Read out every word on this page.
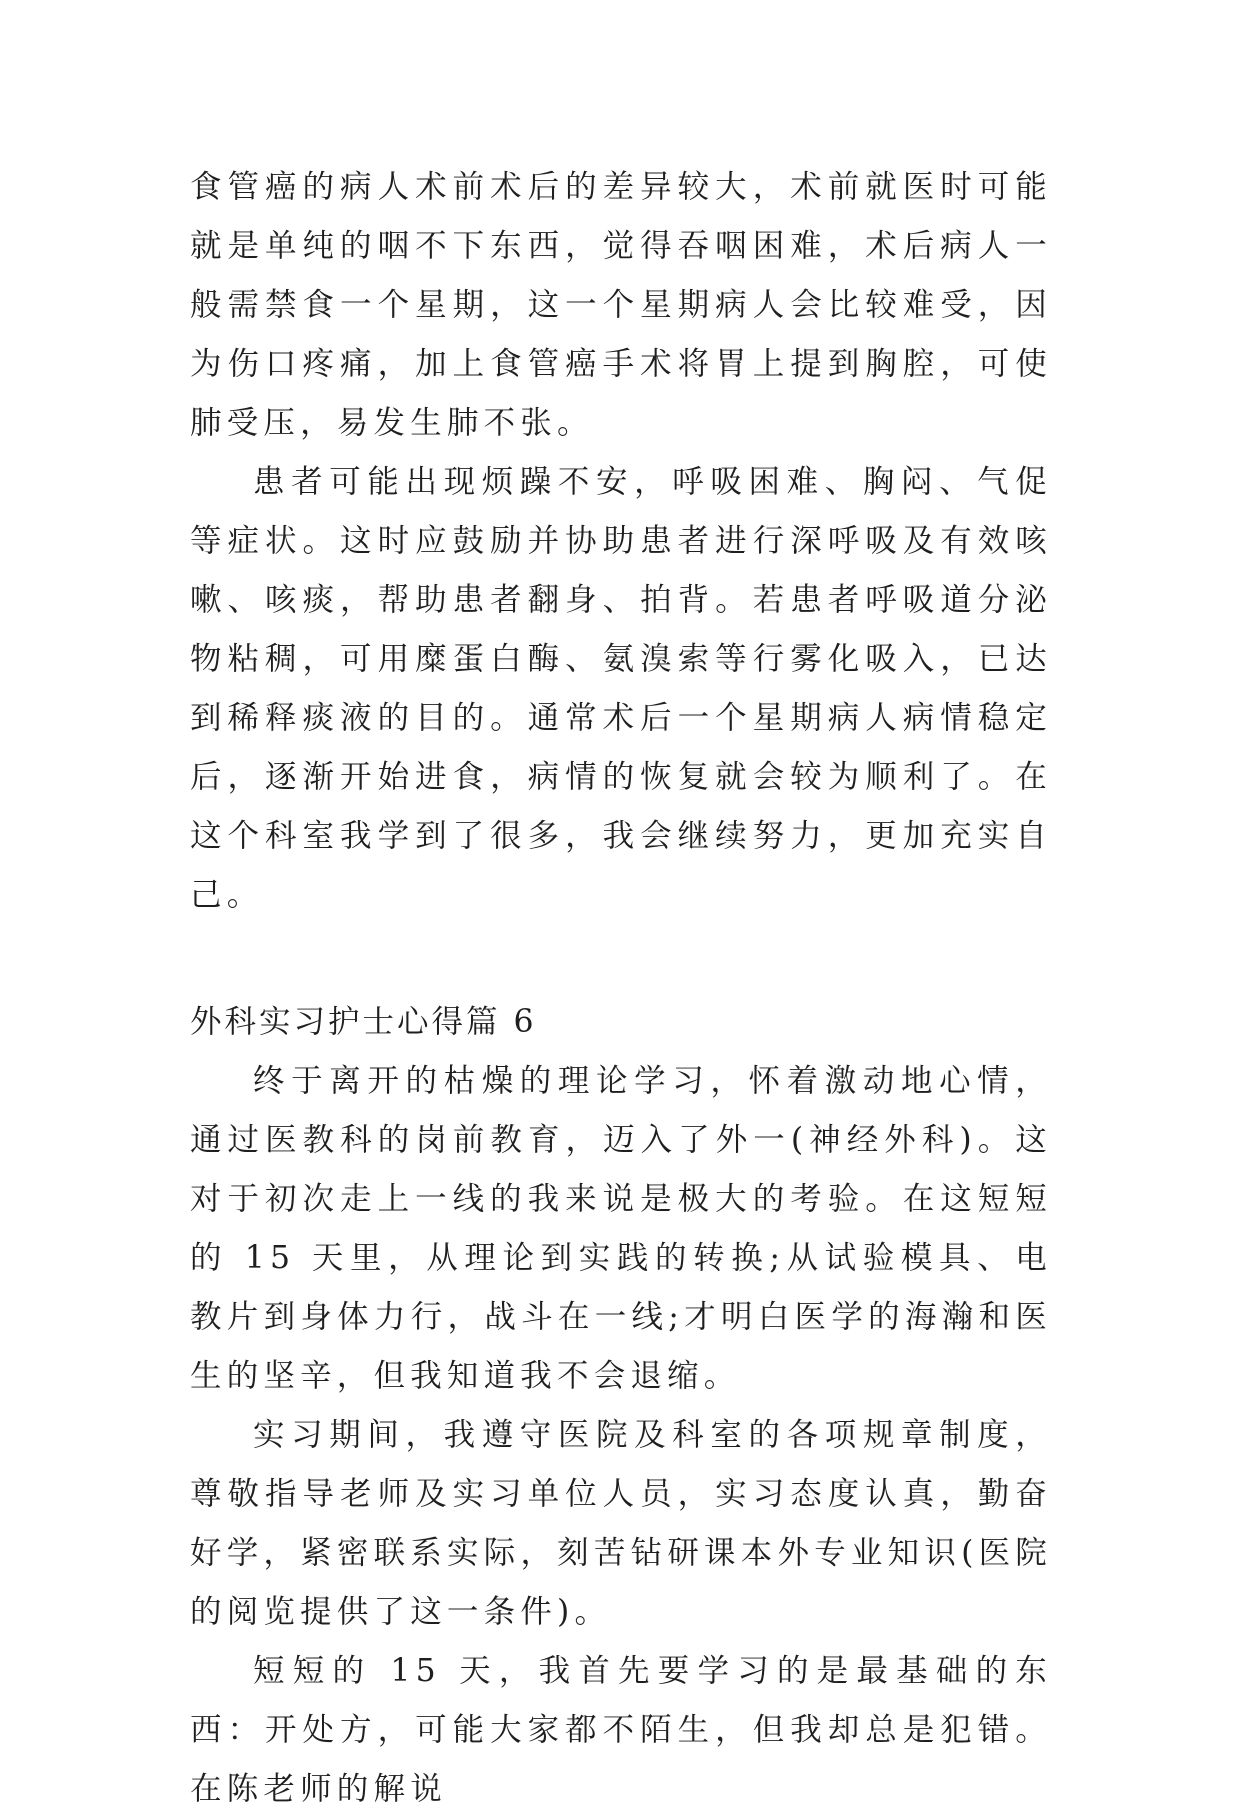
食管癌的病人术前术后的差异较大，术前就医时可能就是单纯的咽不下东西，觉得吞咽困难，术后病人一般需禁食一个星期，这一个星期病人会比较难受，因为伤口疼痛，加上食管癌手术将胃上提到胸腔，可使肺受压，易发生肺不张。

患者可能出现烦躁不安，呼吸困难、胸闷、气促等症状。这时应鼓励并协助患者进行深呼吸及有效咳嗽、咳痰，帮助患者翻身、拍背。若患者呼吸道分泌物粘稠，可用糜蛋白酶、氨溴索等行雾化吸入，已达到稀释痰液的目的。通常术后一个星期病人病情稳定后，逐渐开始进食，病情的恢复就会较为顺利了。在这个科室我学到了很多，我会继续努力，更加充实自己。

外科实习护士心得篇 6

终于离开的枯燥的理论学习，怀着激动地心情，通过医教科的岗前教育，迈入了外一(神经外科)。这对于初次走上一线的我来说是极大的考验。在这短短的 15 天里，从理论到实践的转换;从试验模具、电教片到身体力行，战斗在一线;才明白医学的海瀚和医生的坚辛，但我知道我不会退缩。

实习期间，我遵守医院及科室的各项规章制度，尊敬指导老师及实习单位人员，实习态度认真，勤奋好学，紧密联系实际，刻苦钻研课本外专业知识(医院的阅览提供了这一条件)。

短短的 15 天，我首先要学习的是最基础的东西：开处方，可能大家都不陌生，但我却总是犯错。在陈老师的解说
